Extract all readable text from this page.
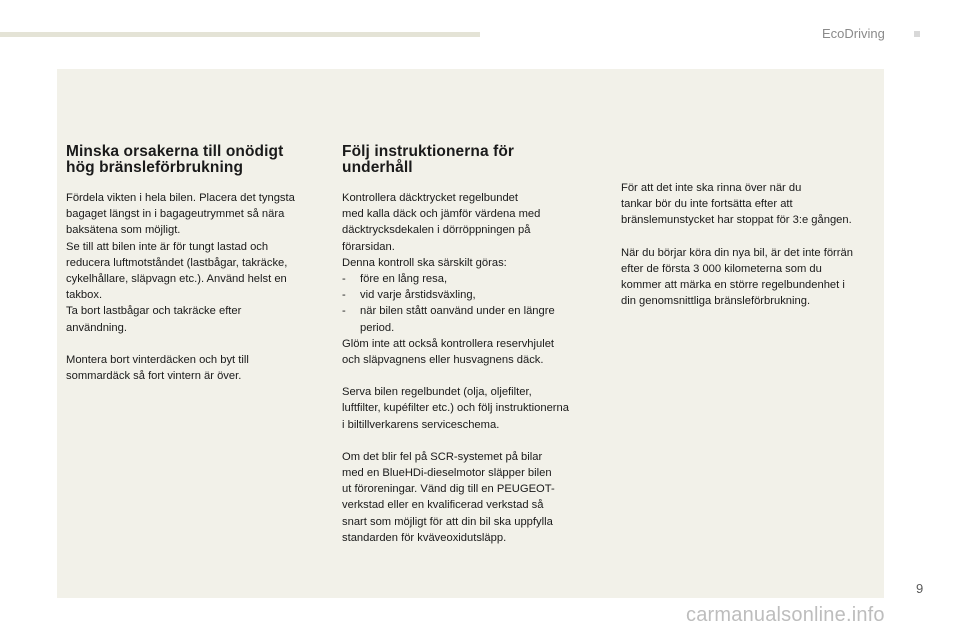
EcoDriving
Minska orsakerna till onödigt
hög bränsleförbrukning

Fördela vikten i hela bilen. Placera det tyngsta
bagaget längst in i bagageutrymmet så nära
baksätena som möjligt.
Se till att bilen inte är för tungt lastad och
reducera luftmotståndet (lastbågar, takräcke,
cykelhållare, släpvagn etc.). Använd helst en
takbox.
Ta bort lastbågar och takräcke efter
användning.

Montera bort vinterdäcken och byt till
sommardäck så fort vintern är över.

Följ instruktionerna för
underhåll

Kontrollera däcktrycket regelbundet
med kalla däck och jämför värdena med
däcktrycksdekalen i dörröppningen på
förarsidan.
Denna kontroll ska särskilt göras:
-	före en lång resa,
-	vid varje årstidsväxling,
-	när bilen stått oanvänd under en längre
period.
Glöm inte att också kontrollera reservhjulet
och släpvagnens eller husvagnens däck.

Serva bilen regelbundet (olja, oljefilter,
luftfilter, kupéfilter etc.) och följ instruktionerna
i biltillverkarens serviceschema.

Om det blir fel på SCR-systemet på bilar
med en BlueHDi-dieselmotor släpper bilen
ut föroreningar. Vänd dig till en PEUGEOT-
verkstad eller en kvalificerad verkstad så
snart som möjligt för att din bil ska uppfylla
standarden för kväveoxidutsläpp.

För att det inte ska rinna över när du
tankar bör du inte fortsätta efter att
bränslemunstycket har stoppat för 3:e gången.

När du börjar köra din nya bil, är det inte förrän
efter de första 3 000 kilometerna som du
kommer att märka en större regelbundenhet i
din genomsnittliga bränsleförbrukning.

9
carmanualsonline.info
